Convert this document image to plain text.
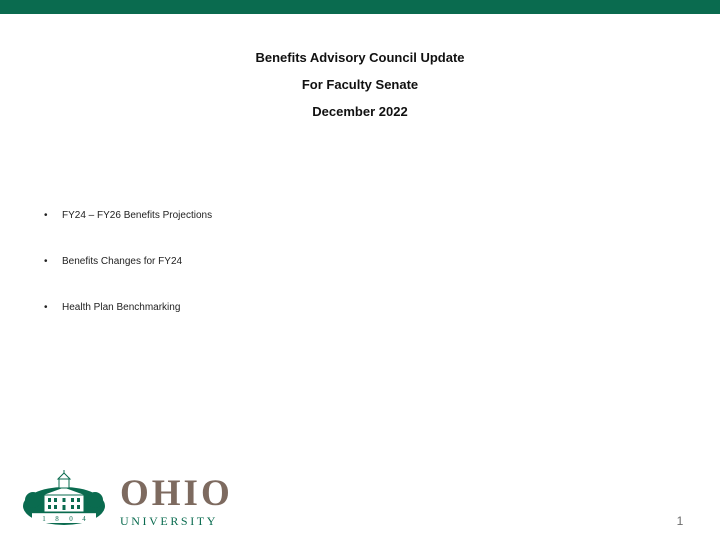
Benefits Advisory Council Update
For Faculty Senate
December 2022
•	FY24 – FY26 Benefits Projections
•	Benefits Changes for FY24
•	Health Plan Benchmarking
1 8 0 4
OHIO
UNIVERSITY	1
